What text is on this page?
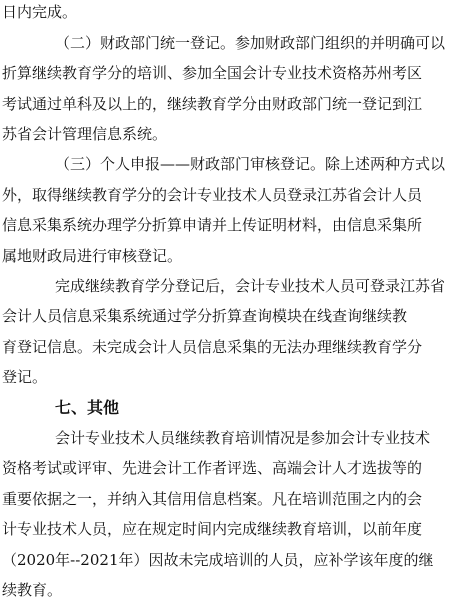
日内完成。
（二）财政部门统一登记。参加财政部门组织的并明确可以
折算继续教育学分的培训、参加全国会计专业技术资格苏州考区
考试通过单科及以上的，继续教育学分由财政部门统一登记到江
苏省会计管理信息系统。
（三）个人申报——财政部门审核登记。除上述两种方式以
外，取得继续教育学分的会计专业技术人员登录江苏省会计人员
信息采集系统办理学分折算申请并上传证明材料，由信息采集所
属地财政局进行审核登记。
完成继续教育学分登记后，会计专业技术人员可登录江苏省
会计人员信息采集系统通过学分折算查询模块在线查询继续教
育登记信息。未完成会计人员信息采集的无法办理继续教育学分
登记。
七、其他
会计专业技术人员继续教育培训情况是参加会计专业技术
资格考试或评审、先进会计工作者评选、高端会计人才选拔等的
重要依据之一，并纳入其信用信息档案。凡在培训范围之内的会
计专业技术人员，应在规定时间内完成继续教育培训，以前年度
（2020年--2021年）因故未完成培训的人员，应补学该年度的继
续教育。
